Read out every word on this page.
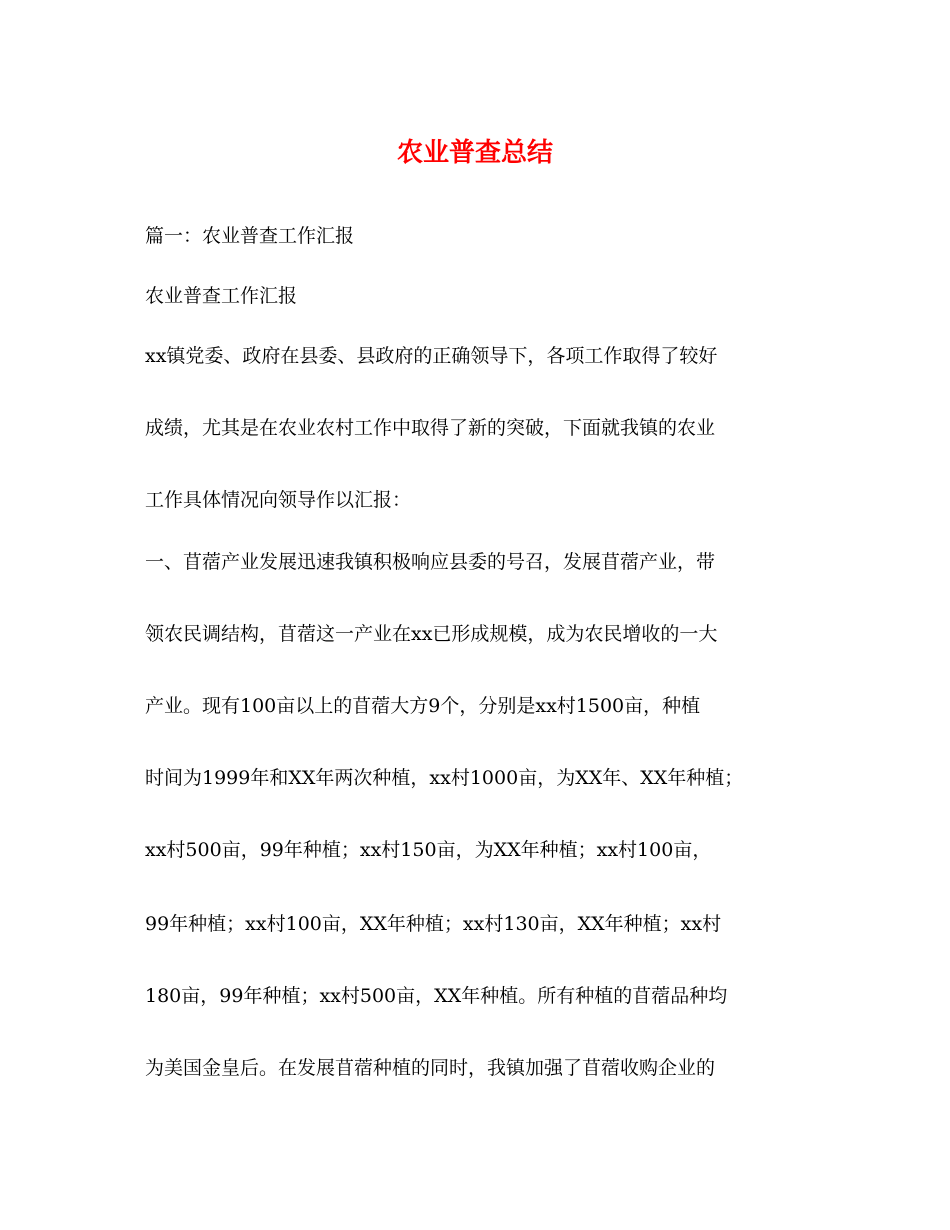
农业普查总结

篇一：农业普查工作汇报

农业普查工作汇报

xx镇党委、政府在县委、县政府的正确领导下，各项工作取得了较好

成绩，尤其是在农业农村工作中取得了新的突破，下面就我镇的农业

工作具体情况向领导作以汇报：

一、苜蓿产业发展迅速我镇积极响应县委的号召，发展苜蓿产业，带

领农民调结构，苜蓿这一产业在xx已形成规模，成为农民增收的一大

产业。现有100亩以上的苜蓿大方9个，分别是xx村1500亩，种植

时间为1999年和XX年两次种植，xx村1000亩，为XX年、XX年种植；

xx村500亩，99年种植；xx村150亩，为XX年种植；xx村100亩，

99年种植；xx村100亩，XX年种植；xx村130亩，XX年种植；xx村

180亩，99年种植；xx村500亩，XX年种植。所有种植的苜蓿品种均

为美国金皇后。在发展苜蓿种植的同时，我镇加强了苜蓿收购企业的
